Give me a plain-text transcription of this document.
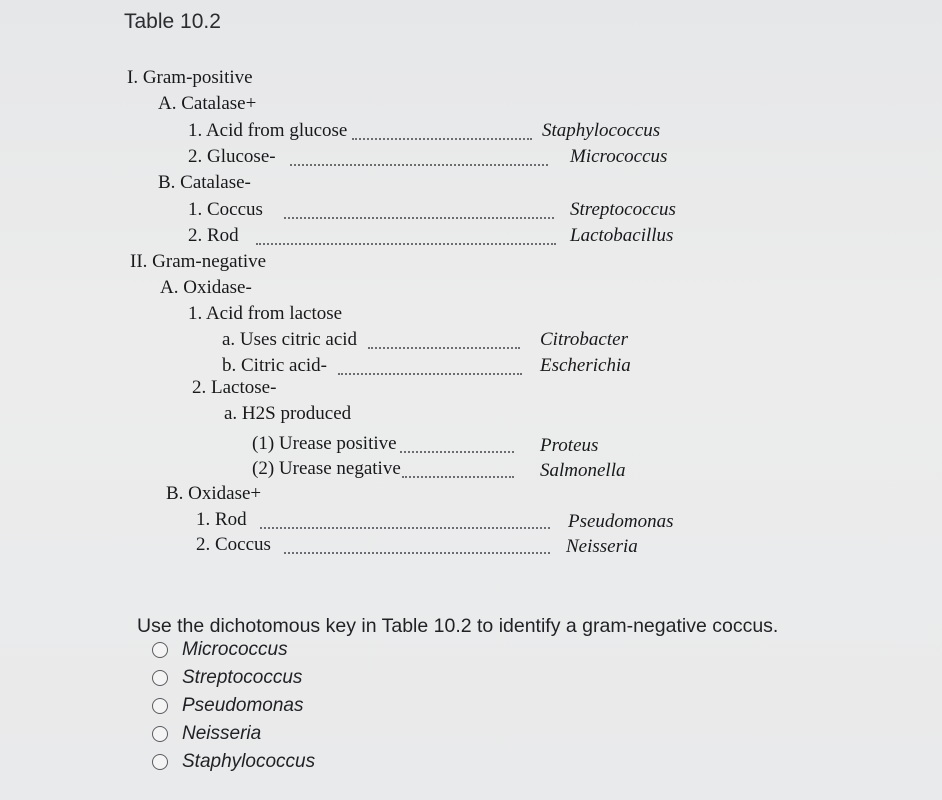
Table 10.2
I. Gram-positive
A. Catalase+
1. Acid from glucose	Staphylococcus
2. Glucose-	Micrococcus
B. Catalase-
1. Coccus	Streptococcus
2. Rod	Lactobacillus
II. Gram-negative
A. Oxidase-
1. Acid from lactose
a. Uses citric acid	Citrobacter
b. Citric acid-	Escherichia
2. Lactose-
a. H2S produced
(1) Urease positive	Proteus
(2) Urease negative	Salmonella
B. Oxidase+
1. Rod	Pseudomonas
2. Coccus	Neisseria
Use the dichotomous key in Table 10.2 to identify a gram-negative coccus.
Micrococcus
Streptococcus
Pseudomonas
Neisseria
Staphylococcus
